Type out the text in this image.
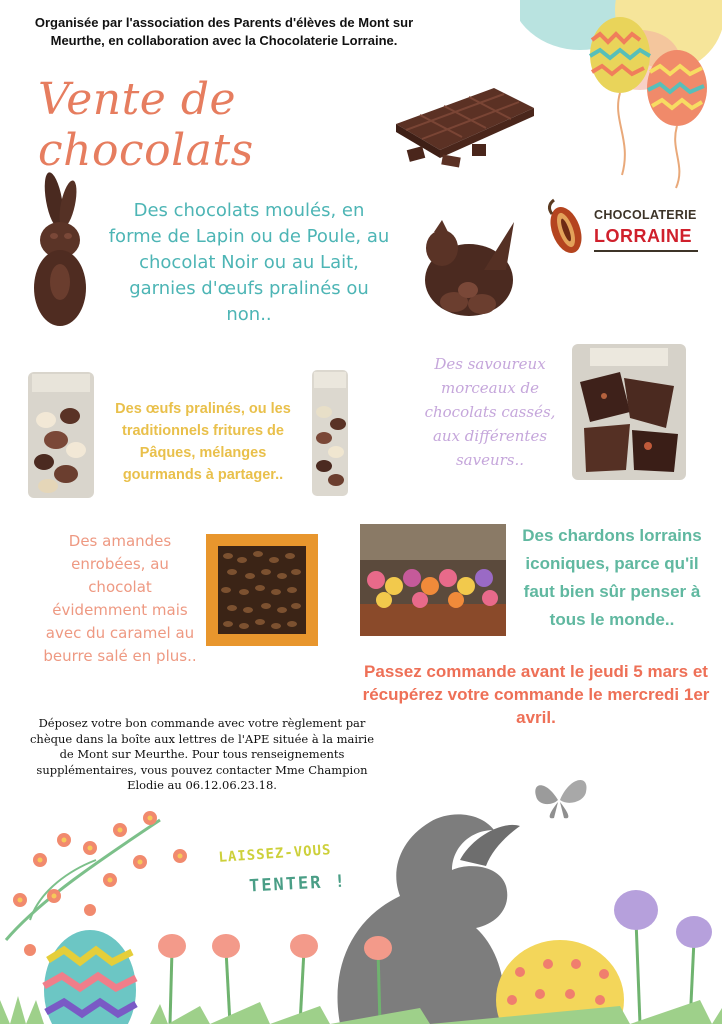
Organisée par l'association des Parents d'élèves de Mont sur Meurthe, en collaboration avec la Chocolaterie Lorraine.
Vente de chocolats
Des chocolats moulés, en forme de Lapin ou de Poule, au chocolat Noir ou au Lait, garnies d'œufs pralinés ou non..
CHOCOLATERIE
LORRAINE
Des œufs pralinés, ou les traditionnels fritures de Pâques, mélanges gourmands à partager..
Des savoureux morceaux de chocolats cassés, aux différentes saveurs..
Des amandes enrobées, au chocolat évidemment mais avec du caramel au beurre salé en plus..
Des chardons lorrains iconiques, parce qu'il faut bien sûr penser à tous le monde..
Passez commande avant le jeudi 5 mars et récupérez votre commande le mercredi 1er avril.
Déposez votre bon commande avec votre règlement par chèque dans la boîte aux lettres de l'APE située à la mairie de Mont sur Meurthe. Pour tous renseignements supplémentaires, vous pouvez contacter Mme Champion Elodie au 06.12.06.23.18.
LAISSEZ-VOUS
TENTER !
